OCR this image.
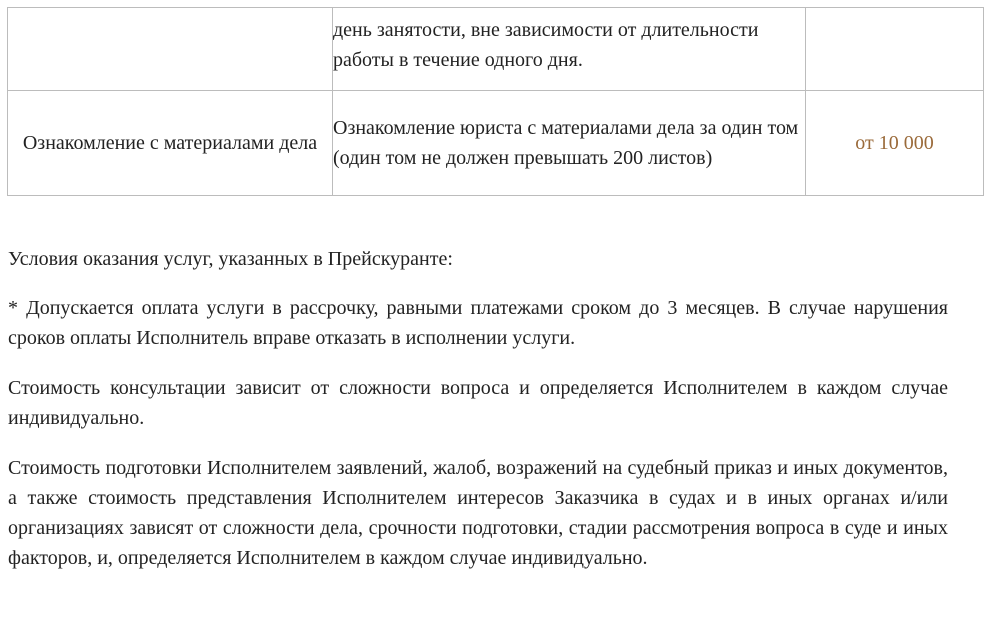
	день занятости, вне зависимости от длительности работы в течение одного дня.	

Ознакомление с материалами дела	Ознакомление юриста с материалами дела за один том (один том не должен превышать 200 листов)	от 10 000

Условия оказания услуг, указанных в Прейскуранте:

* Допускается оплата услуги в рассрочку, равными платежами сроком до 3 месяцев. В случае нарушения сроков оплаты Исполнитель вправе отказать в исполнении услуги.

Стоимость консультации зависит от сложности вопроса и определяется Исполнителем в каждом случае индивидуально.

Стоимость подготовки Исполнителем заявлений, жалоб, возражений на судебный приказ и иных документов, а также стоимость представления Исполнителем интересов Заказчика в судах и в иных органах и/или организациях зависят от сложности дела, срочности подготовки, стадии рассмотрения вопроса в суде и иных факторов, и, определяется Исполнителем в каждом случае индивидуально.
